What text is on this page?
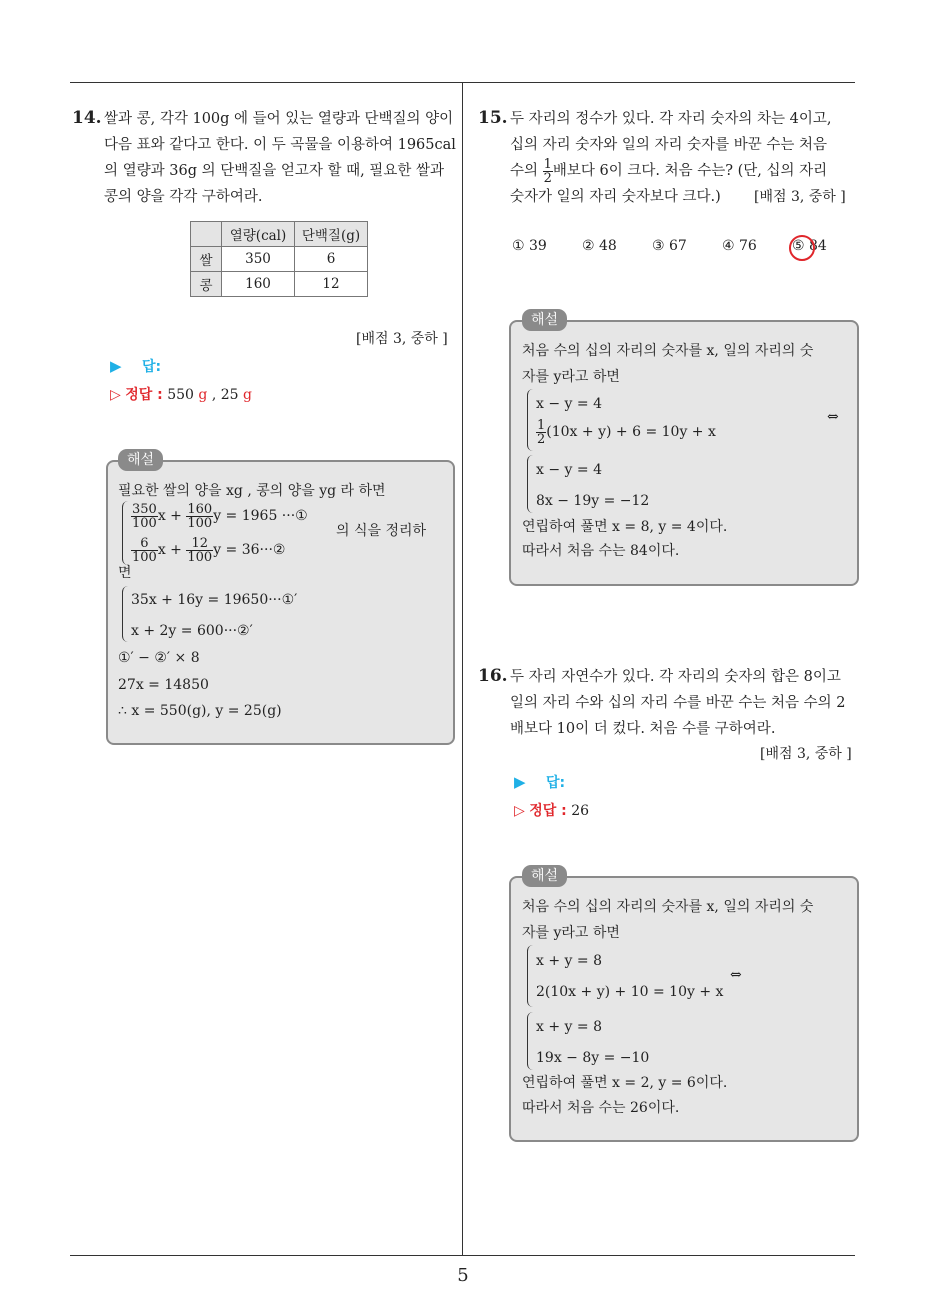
5
14. 쌀과 콩, 각각 100g 에 들어 있는 열량과 단백질의 양이
다음 표와 같다고 한다. 이 두 곡물을 이용하여 1965cal
의 열량과 36g 의 단백질을 얻고자 할 때, 필요한 쌀과
콩의 양을 각각 구하여라.
	열량(cal)	단백질(g)
쌀	350	6
콩	160	12
[배점 3, 중하 ]
▶ 답:
▷ 정답 : 550 g , 25 g
해설
필요한 쌀의 양을 xg , 콩의 양을 yg 라 하면
$\frac{350}{100}$ $x + \frac{160}{100}$ y = 1965 ···①
$\frac{6}{100}$ $x + \frac{12}{100}$ y = 36···②
의 식을 정리하
면
35x + 16y = 19650···①′
x + 2y = 600···②′
①′ − ②′ × 8
27x = 14850
∴ x = 550(g), y = 25(g)
15. 두 자리의 정수가 있다. 각 자리 숫자의 차는 4이고,
십의 자리 숫자와 일의 자리 숫자를 바꾼 수는 처음
수의 $\frac{1}{2}$ 배보다 6이 크다. 처음 수는? (단, 십의 자리
숫자가 일의 자리 숫자보다 크다.) [배점 3, 중하 ]
① 39	② 48	③ 67	④ 76	⑤ 84
해설
처음 수의 십의 자리의 숫자를 x, 일의 자리의 숫
자를 y라고 하면
x − y = 4
$\frac{1}{2} (10x + y) + 6 = 10y + x$
⇔
x − y = 4
8x − 19y = −12
연립하여 풀면 x = 8, y = 4이다.
따라서 처음 수는 84이다.
16. 두 자리 자연수가 있다. 각 자리의 숫자의 합은 8이고
일의 자리 수와 십의 자리 수를 바꾼 수는 처음 수의 2
배보다 10이 더 컸다. 처음 수를 구하여라.
[배점 3, 중하 ]
▶ 답:
▷ 정답 : 26
해설
처음 수의 십의 자리의 숫자를 x, 일의 자리의 숫
자를 y라고 하면
x + y = 8
2(10x + y) + 10 = 10y + x
⇔
x + y = 8
19x − 8y = −10
연립하여 풀면 x = 2, y = 6이다.
따라서 처음 수는 26이다.
